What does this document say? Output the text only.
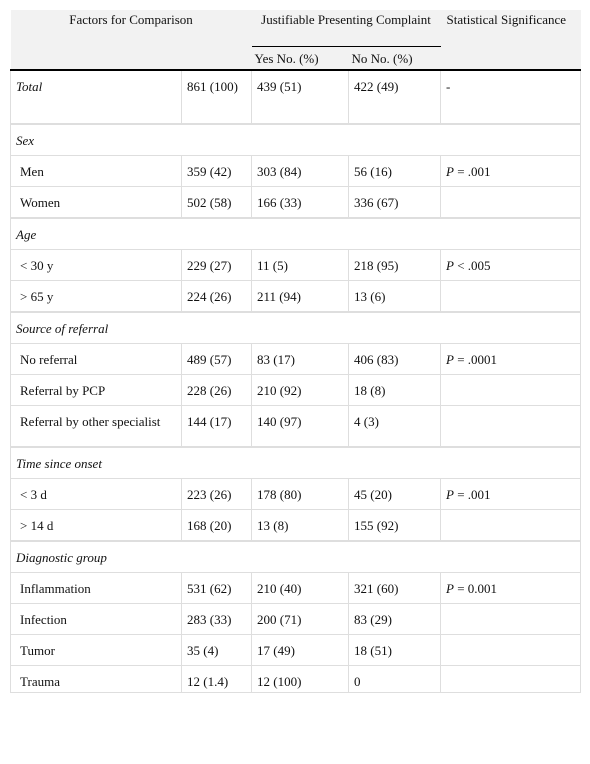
Factors for Comparison		Justifiable Presenting Complaint		Statistical Significance
		Yes No. (%)	No No. (%)	
Total	861 (100)	439 (51)	422 (49)	-

Sex				
Men	359 (42)	303 (84)	56 (16)	P = .001
Women	502 (58)	166 (33)	336 (67)	

Age				
< 30 y	229 (27)	11 (5)	218 (95)	P < .005
> 65 y	224 (26)	211 (94)	13 (6)	

Source of referral				
No referral	489 (57)	83 (17)	406 (83)	P = .0001
Referral by PCP	228 (26)	210 (92)	18 (8)	
Referral by other specialist	144 (17)	140 (97)	4 (3)	

Time since onset				
< 3 d	223 (26)	178 (80)	45 (20)	P = .001
> 14 d	168 (20)	13 (8)	155 (92)	

Diagnostic group				
Inflammation	531 (62)	210 (40)	321 (60)	P = 0.001
Infection	283 (33)	200 (71)	83 (29)	
Tumor	35 (4)	17 (49)	18 (51)	
Trauma	12 (1.4)	12 (100)	0	
